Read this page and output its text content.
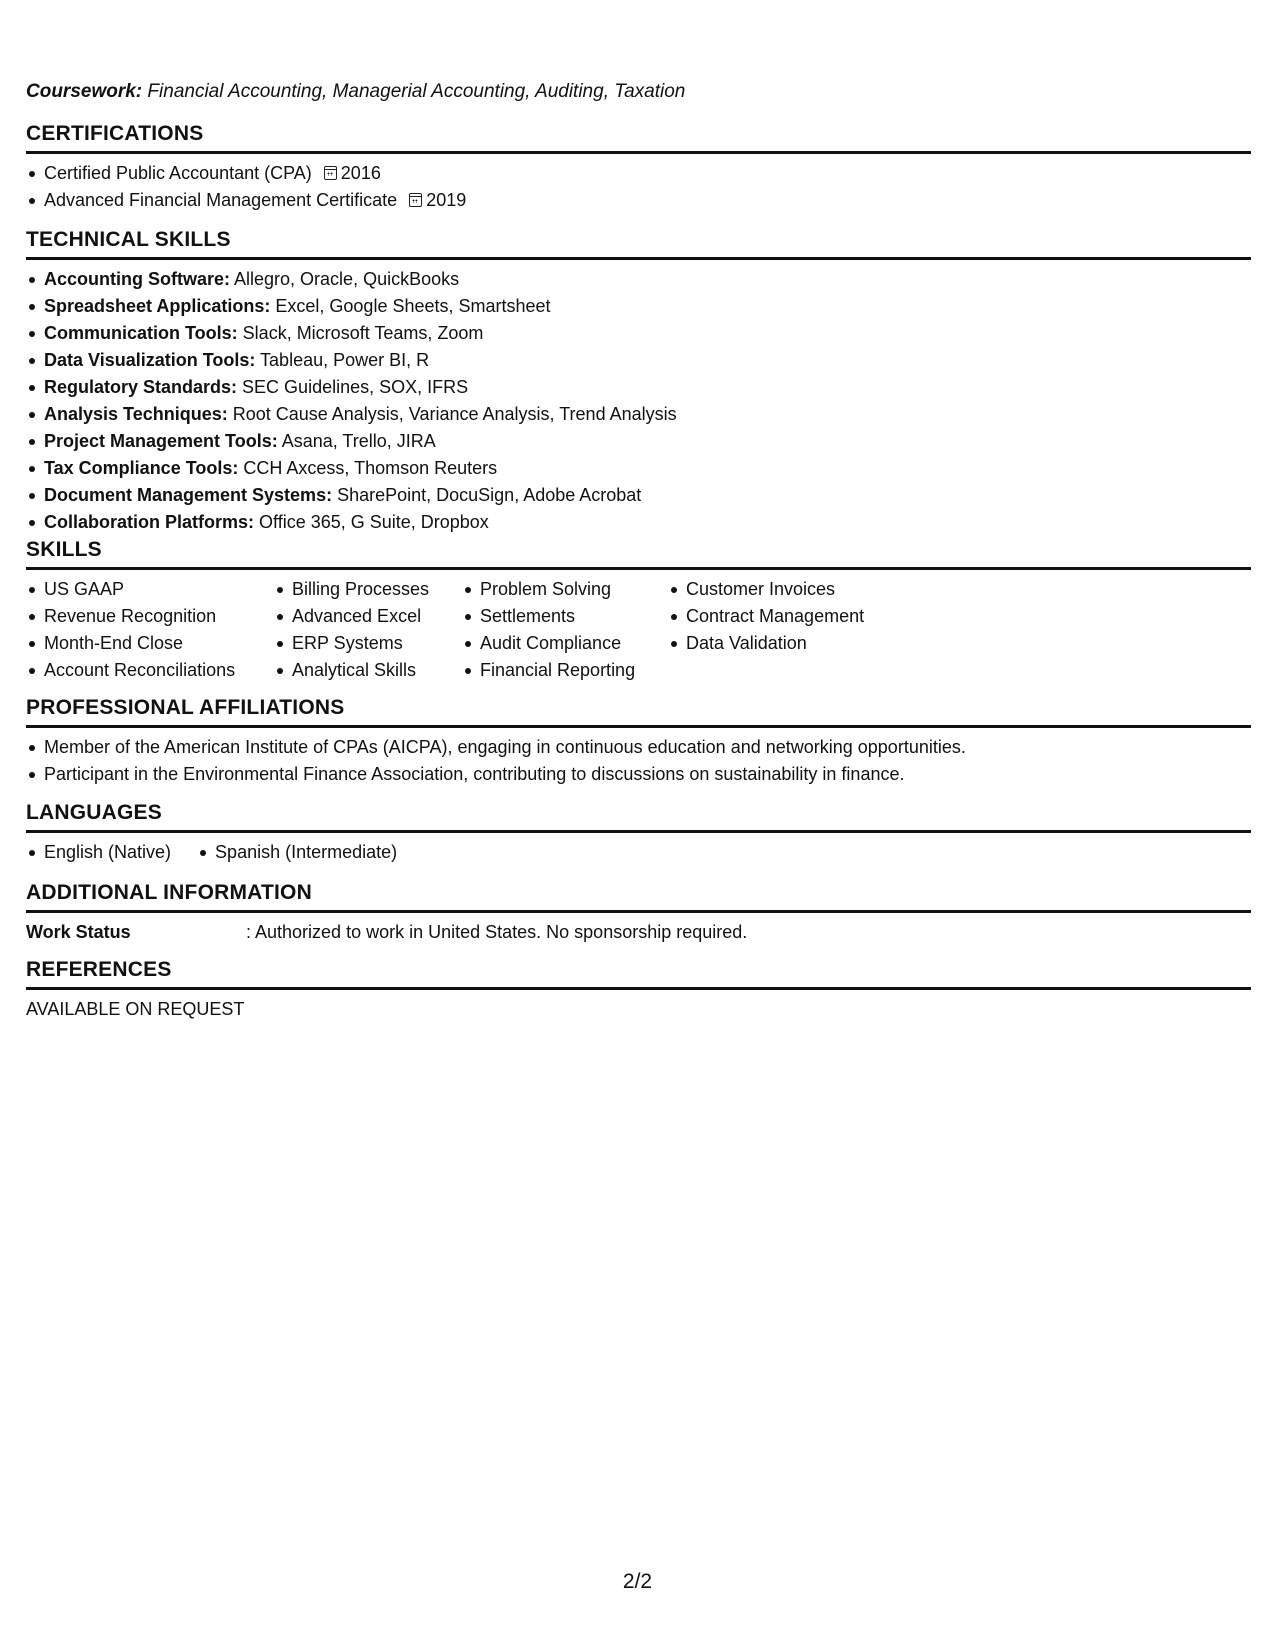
Coursework: Financial Accounting, Managerial Accounting, Auditing, Taxation
CERTIFICATIONS
Certified Public Accountant (CPA) 2016
Advanced Financial Management Certificate 2019
TECHNICAL SKILLS
Accounting Software: Allegro, Oracle, QuickBooks
Spreadsheet Applications: Excel, Google Sheets, Smartsheet
Communication Tools: Slack, Microsoft Teams, Zoom
Data Visualization Tools: Tableau, Power BI, R
Regulatory Standards: SEC Guidelines, SOX, IFRS
Analysis Techniques: Root Cause Analysis, Variance Analysis, Trend Analysis
Project Management Tools: Asana, Trello, JIRA
Tax Compliance Tools: CCH Axcess, Thomson Reuters
Document Management Systems: SharePoint, DocuSign, Adobe Acrobat
Collaboration Platforms: Office 365, G Suite, Dropbox
SKILLS
US GAAP
Revenue Recognition
Month-End Close
Account Reconciliations
Billing Processes
Advanced Excel
ERP Systems
Analytical Skills
Problem Solving
Settlements
Audit Compliance
Financial Reporting
Customer Invoices
Contract Management
Data Validation
PROFESSIONAL AFFILIATIONS
Member of the American Institute of CPAs (AICPA), engaging in continuous education and networking opportunities.
Participant in the Environmental Finance Association, contributing to discussions on sustainability in finance.
LANGUAGES
English (Native)	Spanish (Intermediate)
ADDITIONAL INFORMATION
Work Status	: Authorized to work in United States. No sponsorship required.
REFERENCES
AVAILABLE ON REQUEST
2/2
